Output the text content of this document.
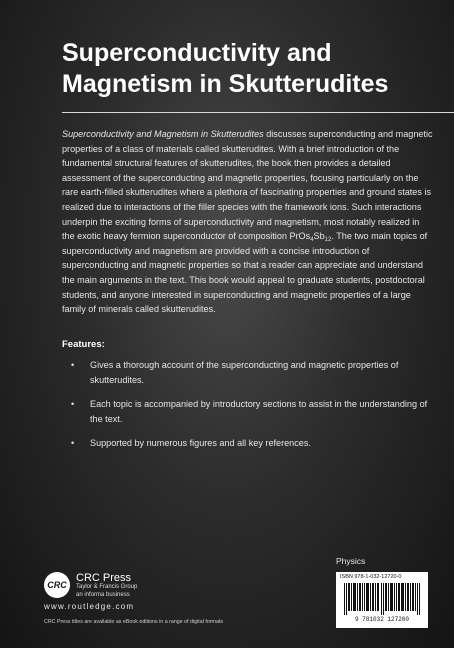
Superconductivity and Magnetism in Skutterudites

Superconductivity and Magnetism in Skutterudites discusses superconducting and magnetic properties of a class of materials called skutterudites. With a brief introduction of the fundamental structural features of skutterudites, the book then provides a detailed assessment of the superconducting and magnetic properties, focusing particularly on the rare earth-filled skutterudites where a plethora of fascinating properties and ground states is realized due to interactions of the filler species with the framework ions. Such interactions underpin the exciting forms of superconductivity and magnetism, most notably realized in the exotic heavy fermion superconductor of composition $PrOs_4Sb_{12}$. The two main topics of superconductivity and magnetism are provided with a concise introduction of superconducting and magnetic properties so that a reader can appreciate and understand the main arguments in the text. This book would appeal to graduate students, postdoctoral students, and anyone interested in superconducting and magnetic properties of a large family of minerals called skutterudites.

Features:
• Gives a thorough account of the superconducting and magnetic properties of skutterudites.
• Each topic is accompanied by introductory sections to assist in the understanding of the text.
• Supported by numerous figures and all key references.
Physics
ISBN 978-1-032-12720-0
9 781032 127200
CRC
CRC Press
Taylor & Francis Group
an informa business
www.routledge.com
CRC Press titles are available as eBook editions in a range of digital formats
